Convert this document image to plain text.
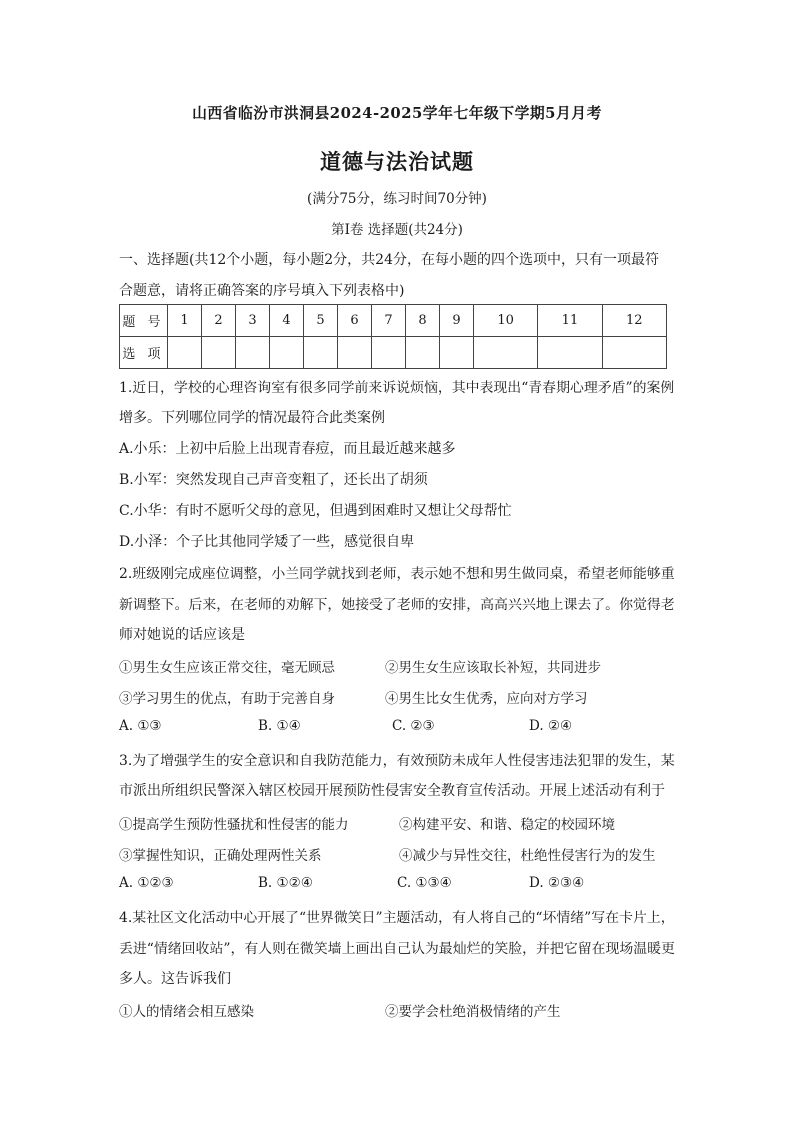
山西省临汾市洪洞县2024-2025学年七年级下学期5月月考
道德与法治试题
(满分75分，练习时间70分钟)
第Ⅰ卷 选择题(共24分)
一、选择题(共12个小题，每小题2分，共24分，在每小题的四个选项中，只有一项最符
合题意，请将正确答案的序号填入下列表格中)
题 号	1	2	3	4	5	6	7	8	9	10	11	12
选 项												
1.近日，学校的心理咨询室有很多同学前来诉说烦恼，其中表现出“青春期心理矛盾”的案例
增多。下列哪位同学的情况最符合此类案例
A.小乐：上初中后脸上出现青春痘，而且最近越来越多
B.小军：突然发现自己声音变粗了，还长出了胡须
C.小华：有时不愿听父母的意见，但遇到困难时又想让父母帮忙
D.小泽：个子比其他同学矮了一些，感觉很自卑
2.班级刚完成座位调整，小兰同学就找到老师，表示她不想和男生做同桌，希望老师能够重
新调整下。后来，在老师的劝解下，她接受了老师的安排，高高兴兴地上课去了。你觉得老
师对她说的话应该是
①男生女生应该正常交往，毫无顾忌	②男生女生应该取长补短，共同进步
③学习男生的优点，有助于完善自身	④男生比女生优秀，应向对方学习
A. ①③	B. ①④	C. ②③	D. ②④
3.为了增强学生的安全意识和自我防范能力，有效预防未成年人性侵害违法犯罪的发生，某
市派出所组织民警深入辖区校园开展预防性侵害安全教育宣传活动。开展上述活动有利于
①提高学生预防性骚扰和性侵害的能力	②构建平安、和谐、稳定的校园环境
③掌握性知识，正确处理两性关系	④减少与异性交往，杜绝性侵害行为的发生
A. ①②③	B. ①②④	C. ①③④	D. ②③④
4.某社区文化活动中心开展了“世界微笑日”主题活动，有人将自己的“坏情绪”写在卡片上，
丢进“情绪回收站”，有人则在微笑墙上画出自己认为最灿烂的笑脸，并把它留在现场温暖更
多人。这告诉我们
①人的情绪会相互感染	②要学会杜绝消极情绪的产生
